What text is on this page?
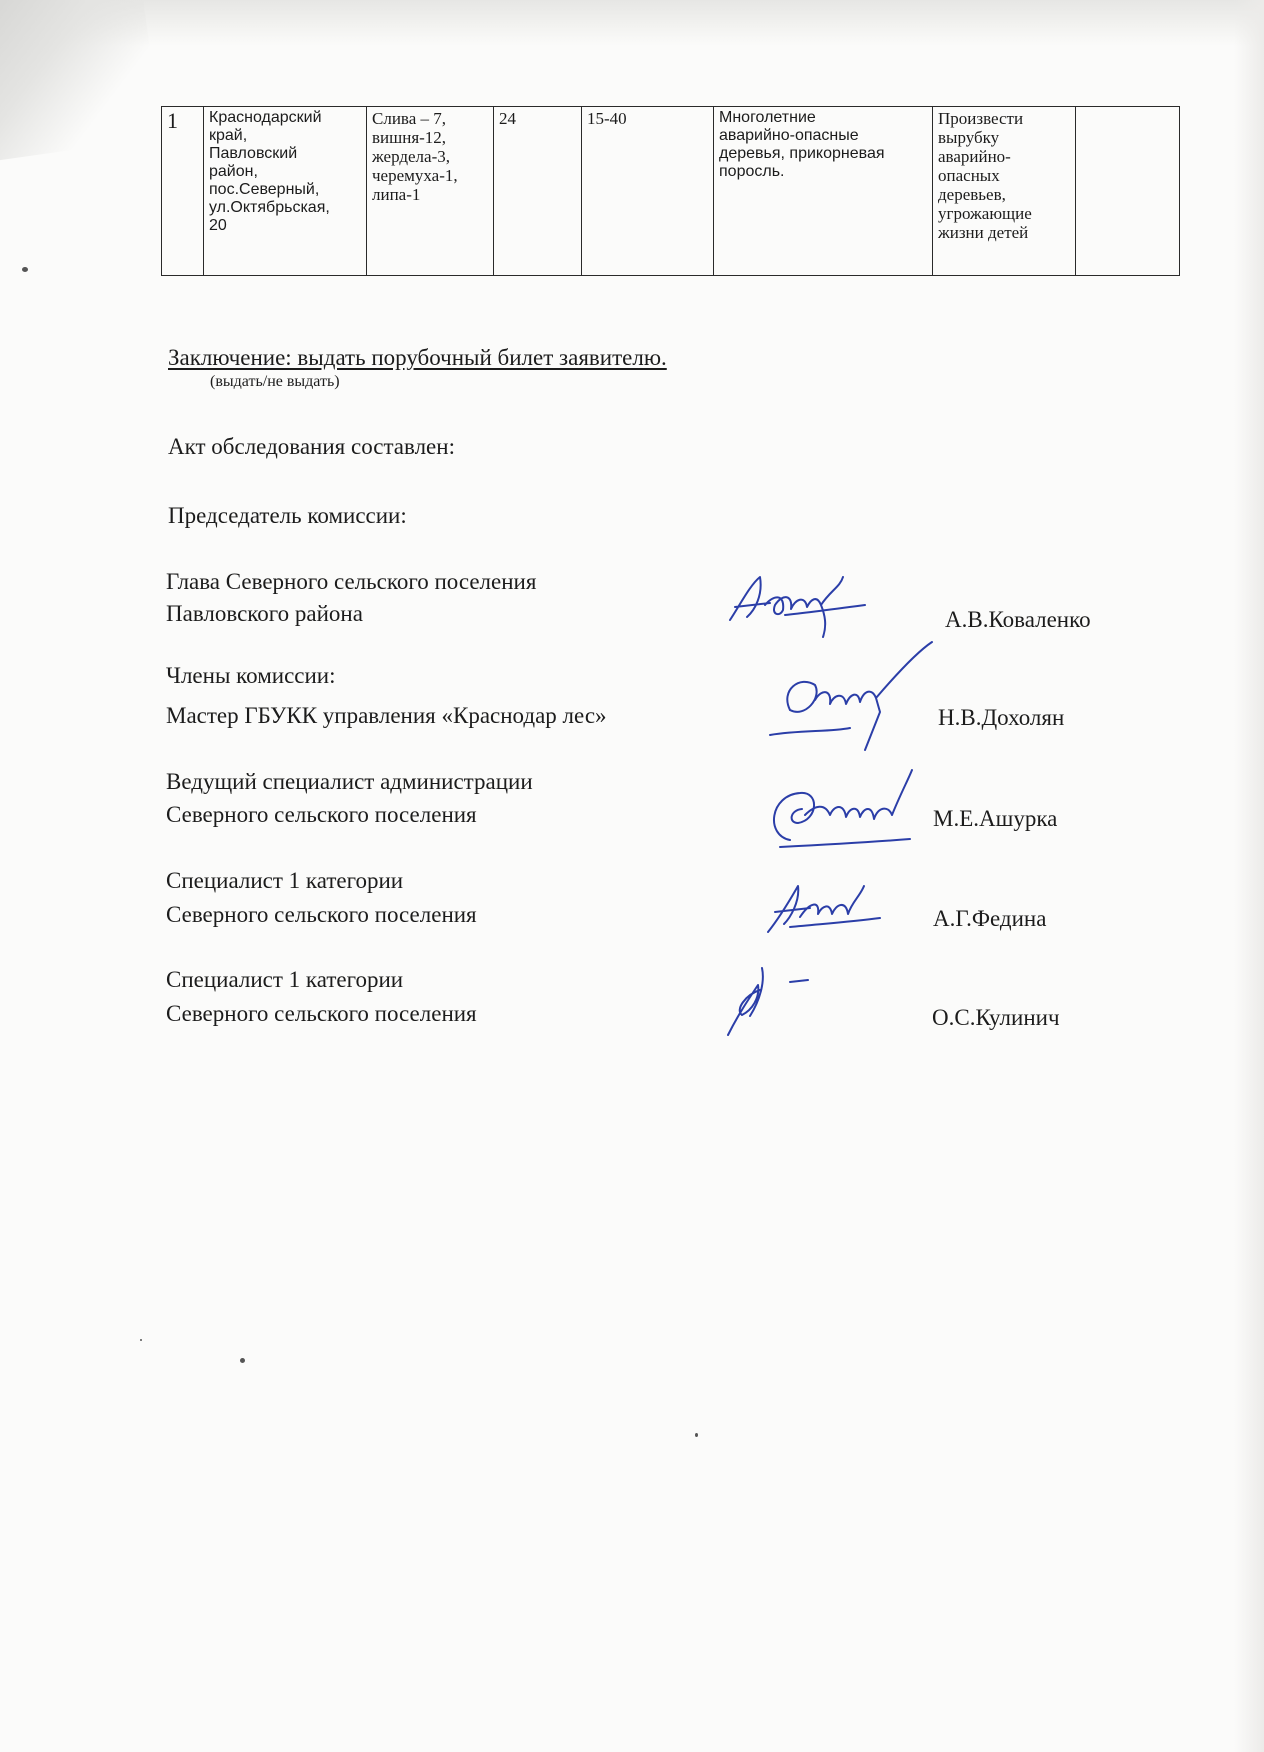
1	Краснодарский
край,
Павловский
район,
пос.Северный,
ул.Октябрьская,
20	Слива – 7,
вишня-12,
жердела-3,
черемуха-1,
липа-1	24	15-40	Многолетние
аварийно-опасные
деревья, прикорневая
поросль.	Произвести
вырубку
аварийно-
опасных
деревьев,
угрожающие
жизни детей	
Заключение: выдать порубочный билет заявителю.
(выдать/не выдать)
Акт обследования составлен:
Председатель комиссии:
Глава Северного сельского поселения
Павловского района	А.В.Коваленко
Члены комиссии:
Мастер ГБУКК управления «Краснодар лес»	Н.В.Дохолян
Ведущий специалист администрации
Северного сельского поселения	М.Е.Ашурка
Специалист 1 категории
Северного сельского поселения	А.Г.Федина
Специалист 1 категории
Северного сельского поселения	О.С.Кулинич
